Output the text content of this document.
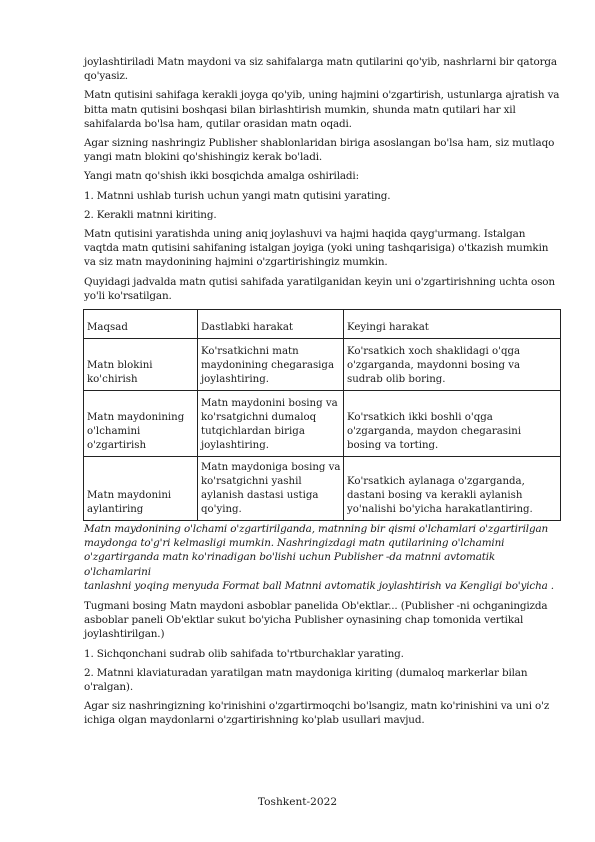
joylashtiriladi Matn maydoni va siz sahifalarga matn qutilarini qo'yib, nashrlarni bir qatorga qo'yasiz.

Matn qutisini sahifaga kerakli joyga qo'yib, uning hajmini o'zgartirish, ustunlarga ajratish va bitta matn qutisini boshqasi bilan birlashtirish mumkin, shunda matn qutilari har xil sahifalarda bo'lsa ham, qutilar orasidan matn oqadi.

Agar sizning nashringiz Publisher shablonlaridan biriga asoslangan bo'lsa ham, siz mutlaqo yangi matn blokini qo'shishingiz kerak bo'ladi.

Yangi matn qo'shish ikki bosqichda amalga oshiriladi:

1. Matnni ushlab turish uchun yangi matn qutisini yarating.

2. Kerakli matnni kiriting.

Matn qutisini yaratishda uning aniq joylashuvi va hajmi haqida qayg'urmang. Istalgan vaqtda matn qutisini sahifaning istalgan joyiga (yoki uning tashqarisiga) o'tkazish mumkin va siz matn maydonining hajmini o'zgartirishingiz mumkin.

Quyidagi jadvalda matn qutisi sahifada yaratilganidan keyin uni o'zgartirishning uchta oson yo'li ko'rsatilgan.

Maqsad	Dastlabki harakat	Keyingi harakat
Matn blokini ko'chirish	Ko'rsatkichni matn maydonining chegarasiga joylashtiring.	Ko'rsatkich xoch shaklidagi o'qga o'zgarganda, maydonni bosing va sudrab olib boring.
Matn maydonining o'lchamini o'zgartirish	Matn maydonini bosing va ko'rsatgichni dumaloq tutqichlardan biriga joylashtiring.	Ko'rsatkich ikki boshli o'qga o'zgarganda, maydon chegarasini bosing va torting.
Matn maydonini aylantiring	Matn maydoniga bosing va ko'rsatgichni yashil aylanish dastasi ustiga qo'ying.	Ko'rsatkich aylanaga o'zgarganda, dastani bosing va kerakli aylanish yo'nalishi bo'yicha harakatlantiring.

Matn maydonining o'lchami o'zgartirilganda, matnning bir qismi o'lchamlari o'zgartirilgan

maydonga to'g'ri kelmasligi mumkin. Nashringizdagi matn qutilarining o'lchamini

o'zgartirganda matn ko'rinadigan bo'lishi uchun Publisher -da matnni avtomatik o'lchamlarini

tanlashni yoqing menyuda Format ball Matnni avtomatik joylashtirish va Kengligi bo'yicha .

Tugmani bosing Matn maydoni asboblar panelida Ob'ektlar... (Publisher -ni ochganingizda asboblar paneli Ob'ektlar sukut bo'yicha Publisher oynasining chap tomonida vertikal joylashtirilgan.)

1. Sichqonchani sudrab olib sahifada to'rtburchaklar yarating.

2. Matnni klaviaturadan yaratilgan matn maydoniga kiriting (dumaloq markerlar bilan o'ralgan).

Agar siz nashringizning ko'rinishini o'zgartirmoqchi bo'lsangiz, matn ko'rinishini va uni o'z ichiga olgan maydonlarni o'zgartirishning ko'plab usullari mavjud.

Toshkent-2022
